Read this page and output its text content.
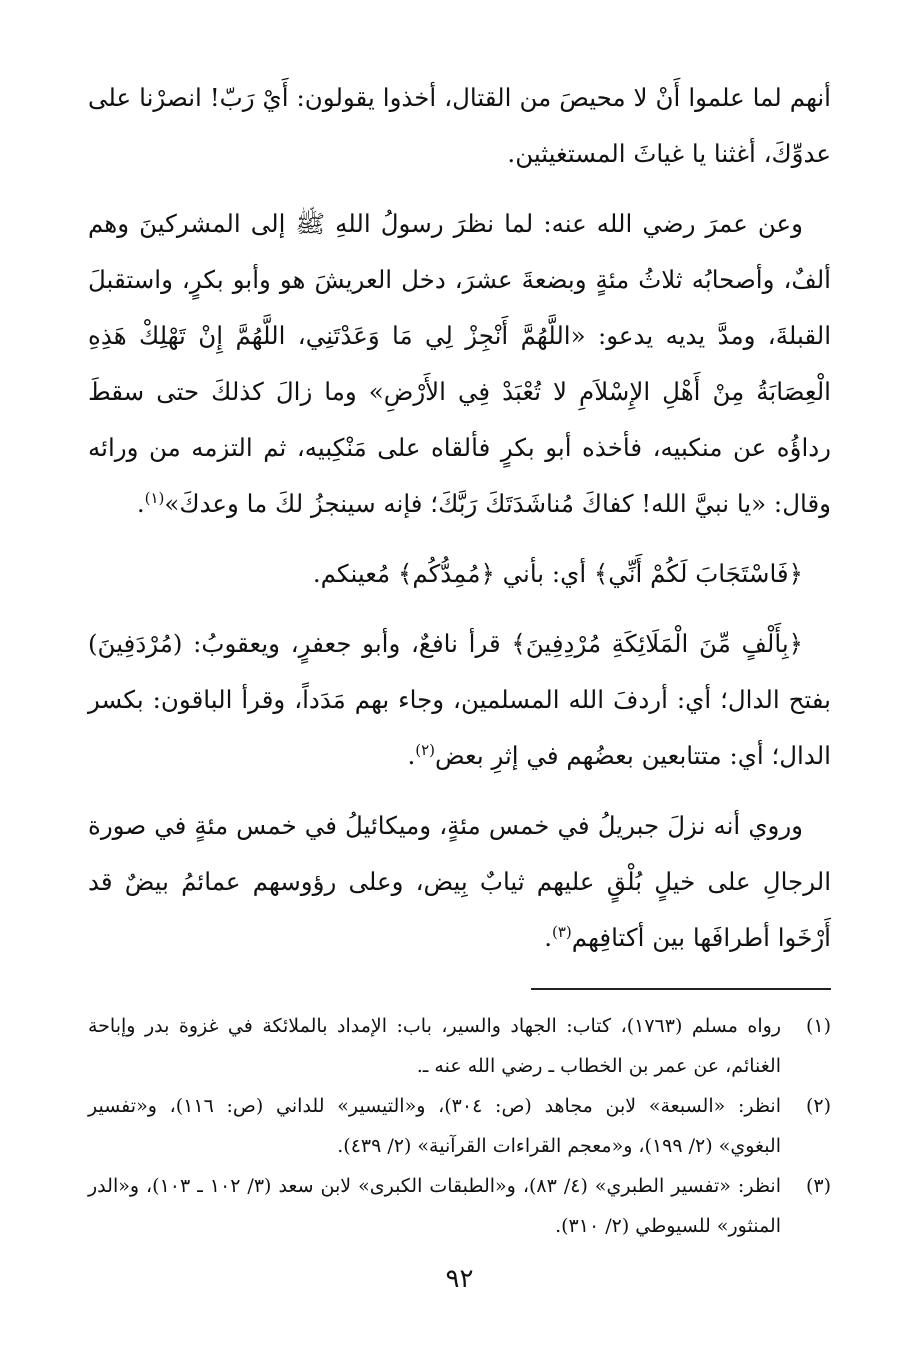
أنهم لما علموا أَنْ لا محيصَ من القتال، أخذوا يقولون: أَيْ رَبّ! انصرْنا على عدوِّكَ، أغثنا يا غياثَ المستغيثين.

وعن عمرَ رضي الله عنه: لما نظرَ رسولُ اللهِ ﷺ إلى المشركينَ وهم ألفٌ، وأصحابُه ثلاثُ مئةٍ وبضعةَ عشرَ، دخل العريشَ هو وأبو بكرٍ، واستقبلَ القبلةَ، ومدَّ يديه يدعو: «اللَّهُمَّ أَنْجِزْ لِي مَا وَعَدْتَنِي، اللَّهُمَّ إِنْ تَهْلِكْ هَذِهِ الْعِصَابَةُ مِنْ أَهْلِ الإِسْلاَمِ لا تُعْبَدْ فِي الأَرْضِ» وما زالَ كذلكَ حتى سقطَ رداؤُه عن منكبيه، فأخذه أبو بكرٍ فألقاه على مَنْكِبيه، ثم التزمه من ورائه وقال: «يا نبيَّ الله! كفاكَ مُناشَدَتَكَ رَبَّكَ؛ فإنه سينجزُ لكَ ما وعدكَ»$^{(١)}$.

﴿فَاسْتَجَابَ لَكُمْ أَنِّي﴾ أي: بأني ﴿مُمِدُّكُم﴾ مُعينكم.

﴿بِأَلْفٍ مِّنَ الْمَلَائِكَةِ مُرْدِفِينَ﴾ قرأ نافعٌ، وأبو جعفرٍ، ويعقوبُ: (مُرْدَفِينَ) بفتح الدال؛ أي: أردفَ الله المسلمين، وجاء بهم مَدَداً، وقرأ الباقون: بكسر الدال؛ أي: متتابعين بعضُهم في إثرِ بعض$^{(٢)}$.

وروي أنه نزلَ جبريلُ في خمس مئةٍ، وميكائيلُ في خمس مئةٍ في صورة الرجالِ على خيلٍ بُلْقٍ عليهم ثيابٌ بِيض، وعلى رؤوسهم عمائمُ بيضٌ قد أَرْخَوا أطرافَها بين أكتافِهم$^{(٣)}$.

(١)
رواه مسلم (١٧٦٣)، كتاب: الجهاد والسير، باب: الإمداد بالملائكة في غزوة بدر وإباحة الغنائم، عن عمر بن الخطاب ـ رضي الله عنه ـ.
(٢)
انظر: «السبعة» لابن مجاهد (ص: ٣٠٤)، و«التيسير» للداني (ص: ١١٦)، و«تفسير البغوي» (٢/ ١٩٩)، و«معجم القراءات القرآنية» (٢/ ٤٣٩).
(٣)
انظر: «تفسير الطبري» (٤/ ٨٣)، و«الطبقات الكبرى» لابن سعد (٣/ ١٠٢ ـ ١٠٣)، و«الدر المنثور» للسيوطي (٢/ ٣١٠).
٩٢
